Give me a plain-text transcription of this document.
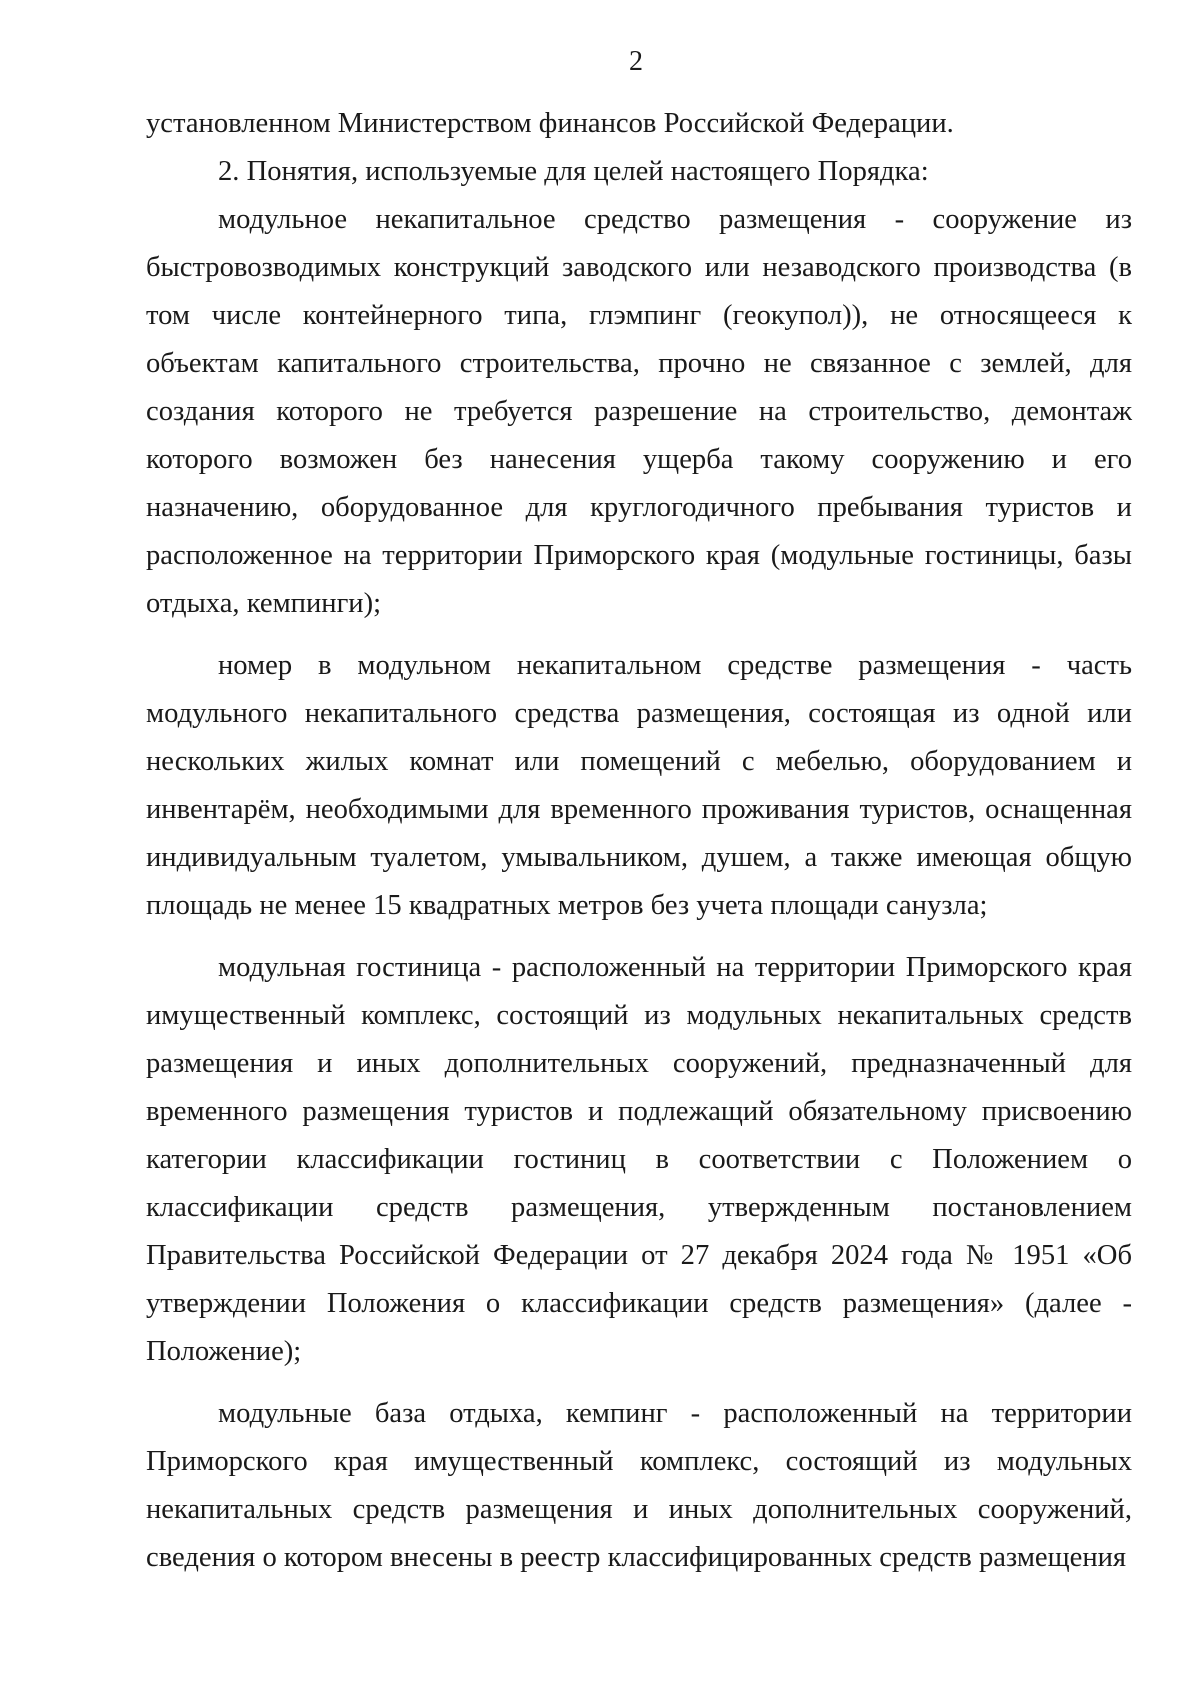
2

установленном Министерством финансов Российской Федерации.

2. Понятия, используемые для целей настоящего Порядка:

модульное некапитальное средство размещения - сооружение из быстровозводимых конструкций заводского или незаводского производства (в том числе контейнерного типа, глэмпинг (геокупол)), не относящееся к объектам капитального строительства, прочно не связанное с землей, для создания которого не требуется разрешение на строительство, демонтаж которого возможен без нанесения ущерба такому сооружению и его назначению, оборудованное для круглогодичного пребывания туристов и расположенное на территории Приморского края (модульные гостиницы, базы отдыха, кемпинги);

номер в модульном некапитальном средстве размещения - часть модульного некапитального средства размещения, состоящая из одной или нескольких жилых комнат или помещений с мебелью, оборудованием и инвентарём, необходимыми для временного проживания туристов, оснащенная индивидуальным туалетом, умывальником, душем, а также имеющая общую площадь не менее 15 квадратных метров без учета площади санузла;

модульная гостиница - расположенный на территории Приморского края имущественный комплекс, состоящий из модульных некапитальных средств размещения и иных дополнительных сооружений, предназначенный для временного размещения туристов и подлежащий обязательному присвоению категории классификации гостиниц в соответствии с Положением о классификации средств размещения, утвержденным постановлением Правительства Российской Федерации от 27 декабря 2024 года № 1951 «Об утверждении Положения о классификации средств размещения» (далее - Положение);

модульные база отдыха, кемпинг - расположенный на территории Приморского края имущественный комплекс, состоящий из модульных некапитальных средств размещения и иных дополнительных сооружений, сведения о котором внесены в реестр классифицированных средств размещения
